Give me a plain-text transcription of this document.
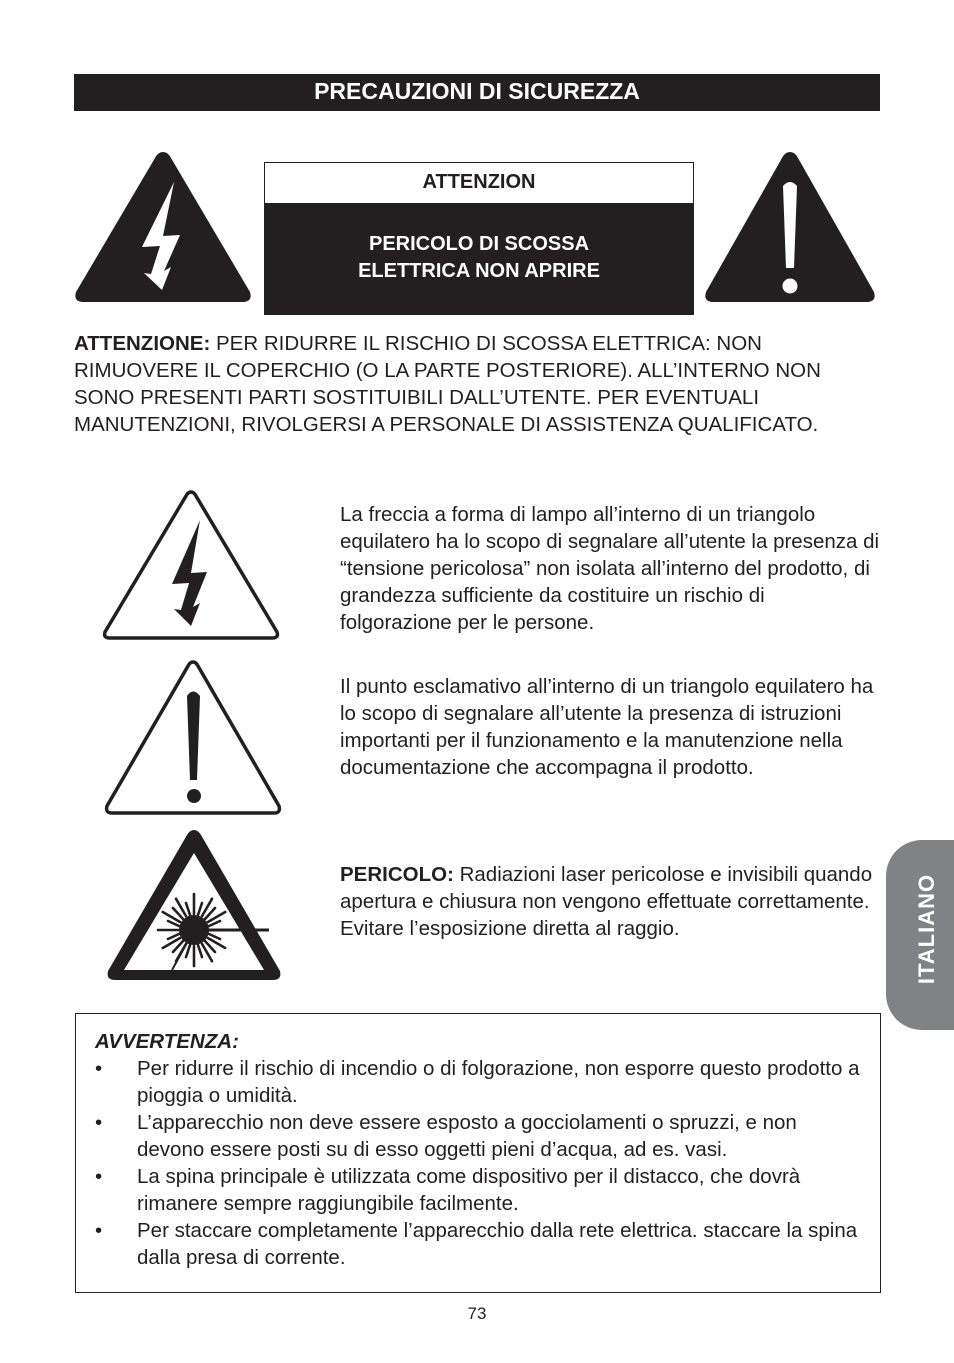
PRECAUZIONI DI SICUREZZA
ATTENZION
PERICOLO DI SCOSSA
ELETTRICA NON APRIRE
ATTENZIONE: PER RIDURRE IL RISCHIO DI SCOSSA ELETTRICA: NON RIMUOVERE IL COPERCHIO (O LA PARTE POSTERIORE). ALL’INTERNO NON SONO PRESENTI PARTI SOSTITUIBILI DALL’UTENTE. PER EVENTUALI MANUTENZIONI, RIVOLGERSI A PERSONALE DI ASSISTENZA QUALIFICATO.
La freccia a forma di lampo all’interno di un triangolo equilatero ha lo scopo di segnalare all’utente la presenza di “tensione pericolosa” non isolata all’interno del prodotto, di grandezza sufficiente da costituire un rischio di folgorazione per le persone.
Il punto esclamativo all’interno di un triangolo equilatero ha lo scopo di segnalare all’utente la presenza di istruzioni importanti per il funzionamento e la manutenzione nella documentazione che accompagna il prodotto.
PERICOLO: Radiazioni laser pericolose e invisibili quando apertura e chiusura non vengono effettuate correttamente. Evitare l’esposizione diretta al raggio.
AVVERTENZA:
• Per ridurre il rischio di incendio o di folgorazione, non esporre questo prodotto a pioggia o umidità.
• L’apparecchio non deve essere esposto a gocciolamenti o spruzzi, e non devono essere posti su di esso oggetti pieni d’acqua, ad es. vasi.
• La spina principale è utilizzata come dispositivo per il distacco, che dovrà rimanere sempre raggiungibile facilmente.
• Per staccare completamente l’apparecchio dalla rete elettrica. staccare la spina dalla presa di corrente.
ITALIANO
73
